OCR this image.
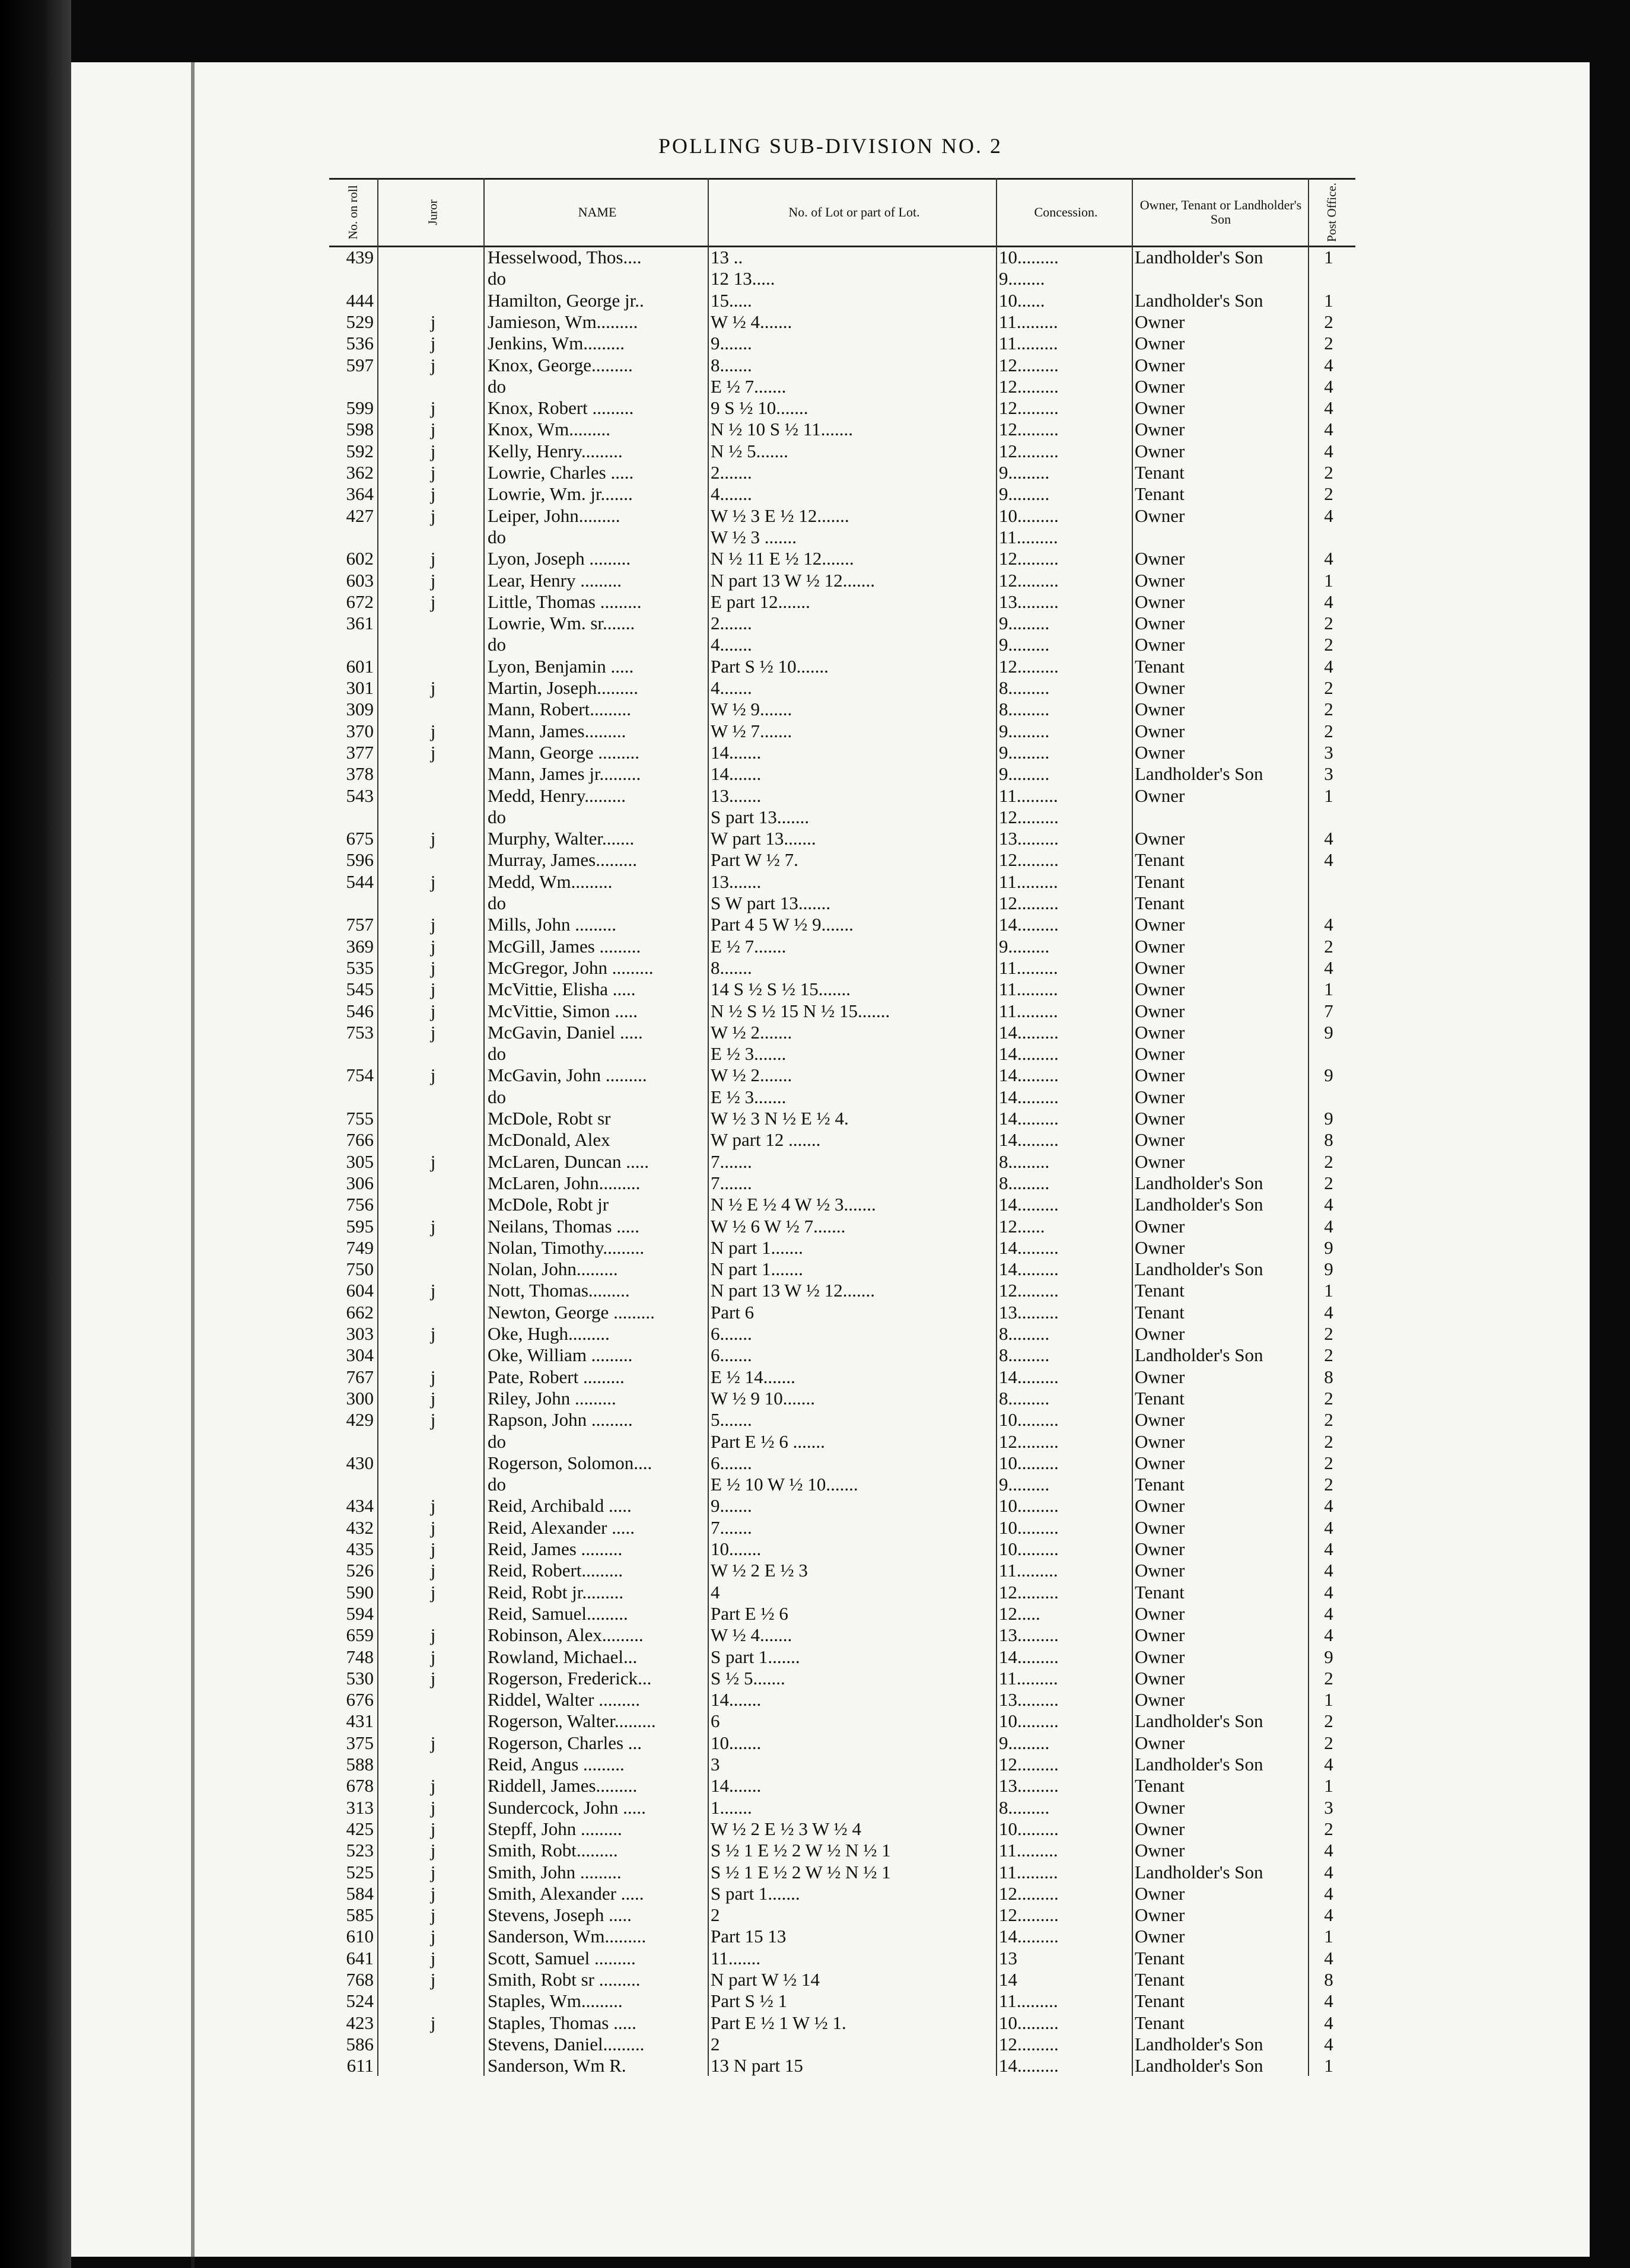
POLLING SUB-DIVISION NO. 2
No. on roll	Juror	NAME	No. of Lot or part of Lot.	Concession.	Owner, Tenant or Landholder's Son	Post Office.
439	Hesselwood, Thos....	13 ..	10.........	Landholder's Son	1
do	12 13.....	9........
444	Hamilton, George jr..	15.....	10......	Landholder's Son	1
529	j	Jamieson, Wm.........	W ½ 4.......	11.........	Owner	2
536	j	Jenkins, Wm.........	9.......	11.........	Owner	2
597	j	Knox, George.........	8.......	12.........	Owner	4
do	E ½ 7.......	12.........	Owner	4
599	j	Knox, Robert .........	9 S ½ 10.......	12.........	Owner	4
598	j	Knox, Wm.........	N ½ 10 S ½ 11.......	12.........	Owner	4
592	j	Kelly, Henry.........	N ½ 5.......	12.........	Owner	4
362	j	Lowrie, Charles .....	2.......	9.........	Tenant	2
364	j	Lowrie, Wm. jr.......	4.......	9.........	Tenant	2
427	j	Leiper, John.........	W ½ 3 E ½ 12.......	10.........	Owner	4
do	W ½ 3 .......	11.........
602	j	Lyon, Joseph .........	N ½ 11 E ½ 12.......	12.........	Owner	4
603	j	Lear, Henry .........	N part 13 W ½ 12.......	12.........	Owner	1
672	j	Little, Thomas .........	E part 12.......	13.........	Owner	4
361	Lowrie, Wm. sr.......	2.......	9.........	Owner	2
do	4.......	9.........	Owner	2
601	Lyon, Benjamin .....	Part S ½ 10.......	12.........	Tenant	4
301	j	Martin, Joseph.........	4.......	8.........	Owner	2
309	Mann, Robert.........	W ½ 9.......	8.........	Owner	2
370	j	Mann, James.........	W ½ 7.......	9.........	Owner	2
377	j	Mann, George .........	14.......	9.........	Owner	3
378	Mann, James jr.........	14.......	9.........	Landholder's Son	3
543	Medd, Henry.........	13.......	11.........	Owner	1
do	S part 13.......	12.........
675	j	Murphy, Walter.......	W part 13.......	13.........	Owner	4
596	Murray, James.........	Part W ½ 7.	12.........	Tenant	4
544	j	Medd, Wm.........	13.......	11.........	Tenant
do	S W part 13.......	12.........	Tenant
757	j	Mills, John .........	Part 4 5 W ½ 9.......	14.........	Owner	4
369	j	McGill, James .........	E ½ 7.......	9.........	Owner	2
535	j	McGregor, John .........	8.......	11.........	Owner	4
545	j	McVittie, Elisha .....	14 S ½ S ½ 15.......	11.........	Owner	1
546	j	McVittie, Simon .....	N ½ S ½ 15 N ½ 15.......	11.........	Owner	7
753	j	McGavin, Daniel .....	W ½ 2.......	14.........	Owner	9
do	E ½ 3.......	14.........	Owner
754	j	McGavin, John .........	W ½ 2.......	14.........	Owner	9
do	E ½ 3.......	14.........	Owner
755	McDole, Robt sr	W ½ 3 N ½ E ½ 4.	14.........	Owner	9
766	McDonald, Alex	W part 12 .......	14.........	Owner	8
305	j	McLaren, Duncan .....	7.......	8.........	Owner	2
306	McLaren, John.........	7.......	8.........	Landholder's Son	2
756	McDole, Robt jr	N ½ E ½ 4 W ½ 3.......	14.........	Landholder's Son	4
595	j	Neilans, Thomas .....	W ½ 6 W ½ 7.......	12......	Owner	4
749	Nolan, Timothy.........	N part 1.......	14.........	Owner	9
750	Nolan, John.........	N part 1.......	14.........	Landholder's Son	9
604	j	Nott, Thomas.........	N part 13 W ½ 12.......	12.........	Tenant	1
662	Newton, George .........	Part 6	13.........	Tenant	4
303	j	Oke, Hugh.........	6.......	8.........	Owner	2
304	Oke, William .........	6.......	8.........	Landholder's Son	2
767	j	Pate, Robert .........	E ½ 14.......	14.........	Owner	8
300	j	Riley, John .........	W ½ 9 10.......	8.........	Tenant	2
429	j	Rapson, John .........	5.......	10.........	Owner	2
do	Part E ½ 6 .......	12.........	Owner	2
430	Rogerson, Solomon....	6.......	10.........	Owner	2
do	E ½ 10 W ½ 10.......	9.........	Tenant	2
434	j	Reid, Archibald .....	9.......	10.........	Owner	4
432	j	Reid, Alexander .....	7.......	10.........	Owner	4
435	j	Reid, James .........	10.......	10.........	Owner	4
526	j	Reid, Robert.........	W ½ 2 E ½ 3	11.........	Owner	4
590	j	Reid, Robt jr.........	4	12.........	Tenant	4
594	Reid, Samuel.........	Part E ½ 6	12.....	Owner	4
659	j	Robinson, Alex.........	W ½ 4.......	13.........	Owner	4
748	j	Rowland, Michael...	S part 1.......	14.........	Owner	9
530	j	Rogerson, Frederick...	S ½ 5.......	11.........	Owner	2
676	Riddel, Walter .........	14.......	13.........	Owner	1
431	Rogerson, Walter.........	6	10.........	Landholder's Son	2
375	j	Rogerson, Charles ...	10.......	9.........	Owner	2
588	Reid, Angus .........	3	12.........	Landholder's Son	4
678	j	Riddell, James.........	14.......	13.........	Tenant	1
313	j	Sundercock, John .....	1.......	8.........	Owner	3
425	j	Stepff, John .........	W ½ 2 E ½ 3 W ½ 4	10.........	Owner	2
523	j	Smith, Robt.........	S ½ 1 E ½ 2 W ½ N ½ 1	11.........	Owner	4
525	j	Smith, John .........	S ½ 1 E ½ 2 W ½ N ½ 1	11.........	Landholder's Son	4
584	j	Smith, Alexander .....	S part 1.......	12.........	Owner	4
585	j	Stevens, Joseph .....	2	12.........	Owner	4
610	j	Sanderson, Wm.........	Part 15 13	14.........	Owner	1
641	j	Scott, Samuel .........	11.......	13	Tenant	4
768	j	Smith, Robt sr .........	N part W ½ 14	14	Tenant	8
524	Staples, Wm.........	Part S ½ 1	11.........	Tenant	4
423	j	Staples, Thomas .....	Part E ½ 1 W ½ 1.	10.........	Tenant	4
586	Stevens, Daniel.........	2	12.........	Landholder's Son	4
611	Sanderson, Wm R.	13 N part 15	14.........	Landholder's Son	1
